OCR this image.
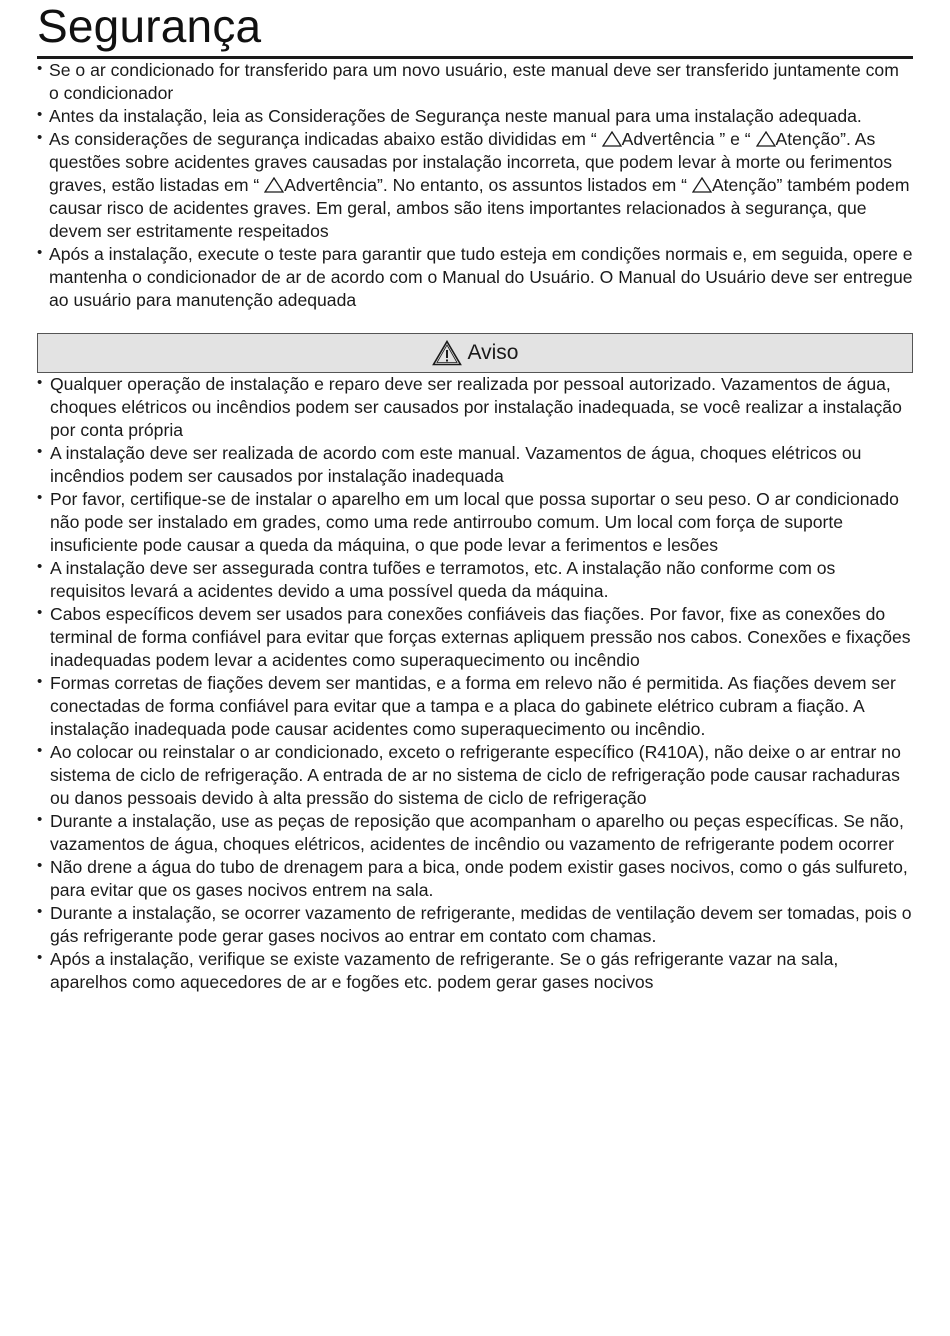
Segurança
• Se o ar condicionado for transferido para um novo usuário, este manual deve ser transferido juntamente com o condicionador
• Antes da instalação, leia as Considerações de Segurança neste manual para uma instalação adequada.
• As considerações de segurança indicadas abaixo estão divididas em “ Advertência ” e “ Atenção”. As questões sobre acidentes graves causadas por instalação incorreta, que podem levar à morte ou ferimentos graves, estão listadas em “ Advertência”. No entanto, os assuntos listados em “ Atenção” também podem causar risco de acidentes graves. Em geral, ambos são itens importantes relacionados à segurança, que devem ser estritamente respeitados
• Após a instalação, execute o teste para garantir que tudo esteja em condições normais e, em seguida, opere e mantenha o condicionador de ar de acordo com o Manual do Usuário. O Manual do Usuário deve ser entregue ao usuário para manutenção adequada
Aviso
• Qualquer operação de instalação e reparo deve ser realizada por pessoal autorizado. Vazamentos de água, choques elétricos ou incêndios podem ser causados por instalação inadequada, se você realizar a instalação por conta própria
• A instalação deve ser realizada de acordo com este manual. Vazamentos de água, choques elétricos ou incêndios podem ser causados por instalação inadequada
• Por favor, certifique-se de instalar o aparelho em um local que possa suportar o seu peso. O ar condicionado não pode ser instalado em grades, como uma rede antirroubo comum. Um local com força de suporte insuficiente pode causar a queda da máquina, o que pode levar a ferimentos e lesões
• A instalação deve ser assegurada contra tufões e terramotos, etc. A instalação não conforme com os requisitos levará a acidentes devido a uma possível queda da máquina.
• Cabos específicos devem ser usados para conexões confiáveis das fiações. Por favor, fixe as conexões do terminal de forma confiável para evitar que forças externas apliquem pressão nos cabos. Conexões e fixações inadequadas podem levar a acidentes como superaquecimento ou incêndio
• Formas corretas de fiações devem ser mantidas, e a forma em relevo não é permitida. As fiações devem ser conectadas de forma confiável para evitar que a tampa e a placa do gabinete elétrico cubram a fiação. A instalação inadequada pode causar acidentes como superaquecimento ou incêndio.
• Ao colocar ou reinstalar o ar condicionado, exceto o refrigerante específico (R410A), não deixe o ar entrar no sistema de ciclo de refrigeração. A entrada de ar no sistema de ciclo de refrigeração pode causar rachaduras ou danos pessoais devido à alta pressão do sistema de ciclo de refrigeração
• Durante a instalação, use as peças de reposição que acompanham o aparelho ou peças específicas. Se não, vazamentos de água, choques elétricos, acidentes de incêndio ou vazamento de refrigerante podem ocorrer
• Não drene a água do tubo de drenagem para a bica, onde podem existir gases nocivos, como o gás sulfureto, para evitar que os gases nocivos entrem na sala.
• Durante a instalação, se ocorrer vazamento de refrigerante, medidas de ventilação devem ser tomadas, pois o gás refrigerante pode gerar gases nocivos ao entrar em contato com chamas.
• Após a instalação, verifique se existe vazamento de refrigerante. Se o gás refrigerante vazar na sala, aparelhos como aquecedores de ar e fogões etc. podem gerar gases nocivos
